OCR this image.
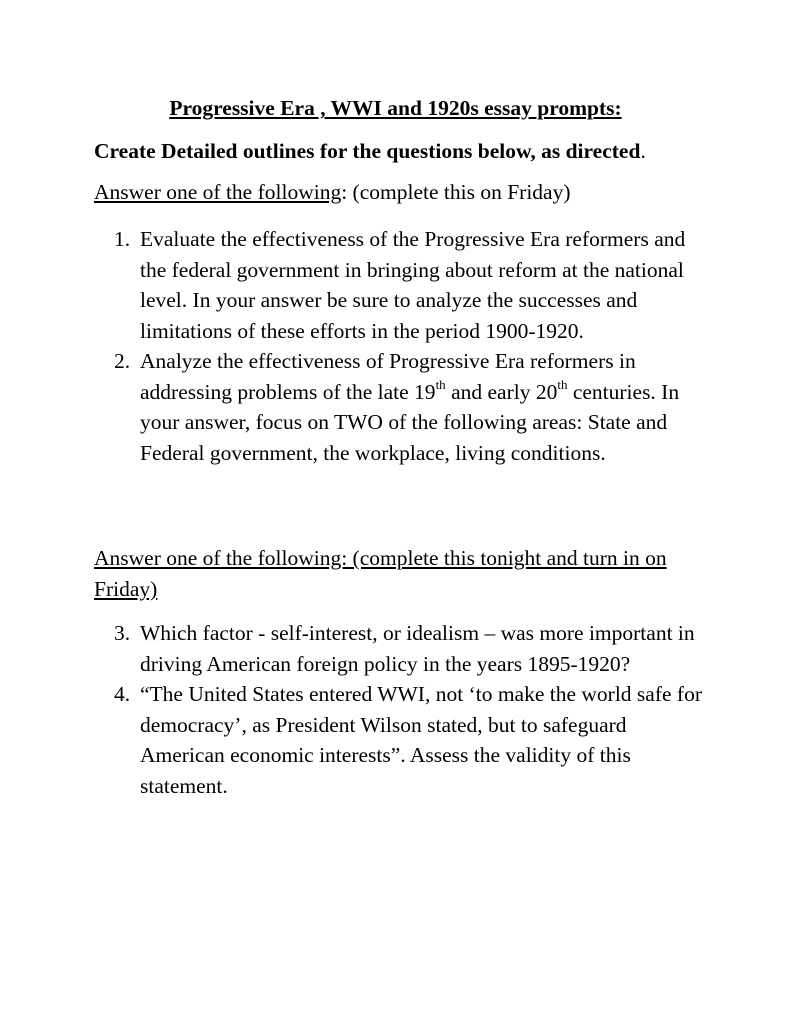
Progressive Era , WWI and 1920s essay prompts:

Create Detailed outlines for the questions below, as directed.

Answer one of the following: (complete this on Friday)

1. Evaluate the effectiveness of the Progressive Era reformers and the federal government in bringing about reform at the national level. In your answer be sure to analyze the successes and limitations of these efforts in the period 1900-1920.
2. Analyze the effectiveness of Progressive Era reformers in addressing problems of the late 19th and early 20th centuries. In your answer, focus on TWO of the following areas: State and Federal government, the workplace, living conditions.

Answer one of the following: (complete this tonight and turn in on Friday)

3. Which factor - self-interest, or idealism – was more important in driving American foreign policy in the years 1895-1920?
4. “The United States entered WWI, not ‘to make the world safe for democracy’, as President Wilson stated, but to safeguard American economic interests”. Assess the validity of this statement.
